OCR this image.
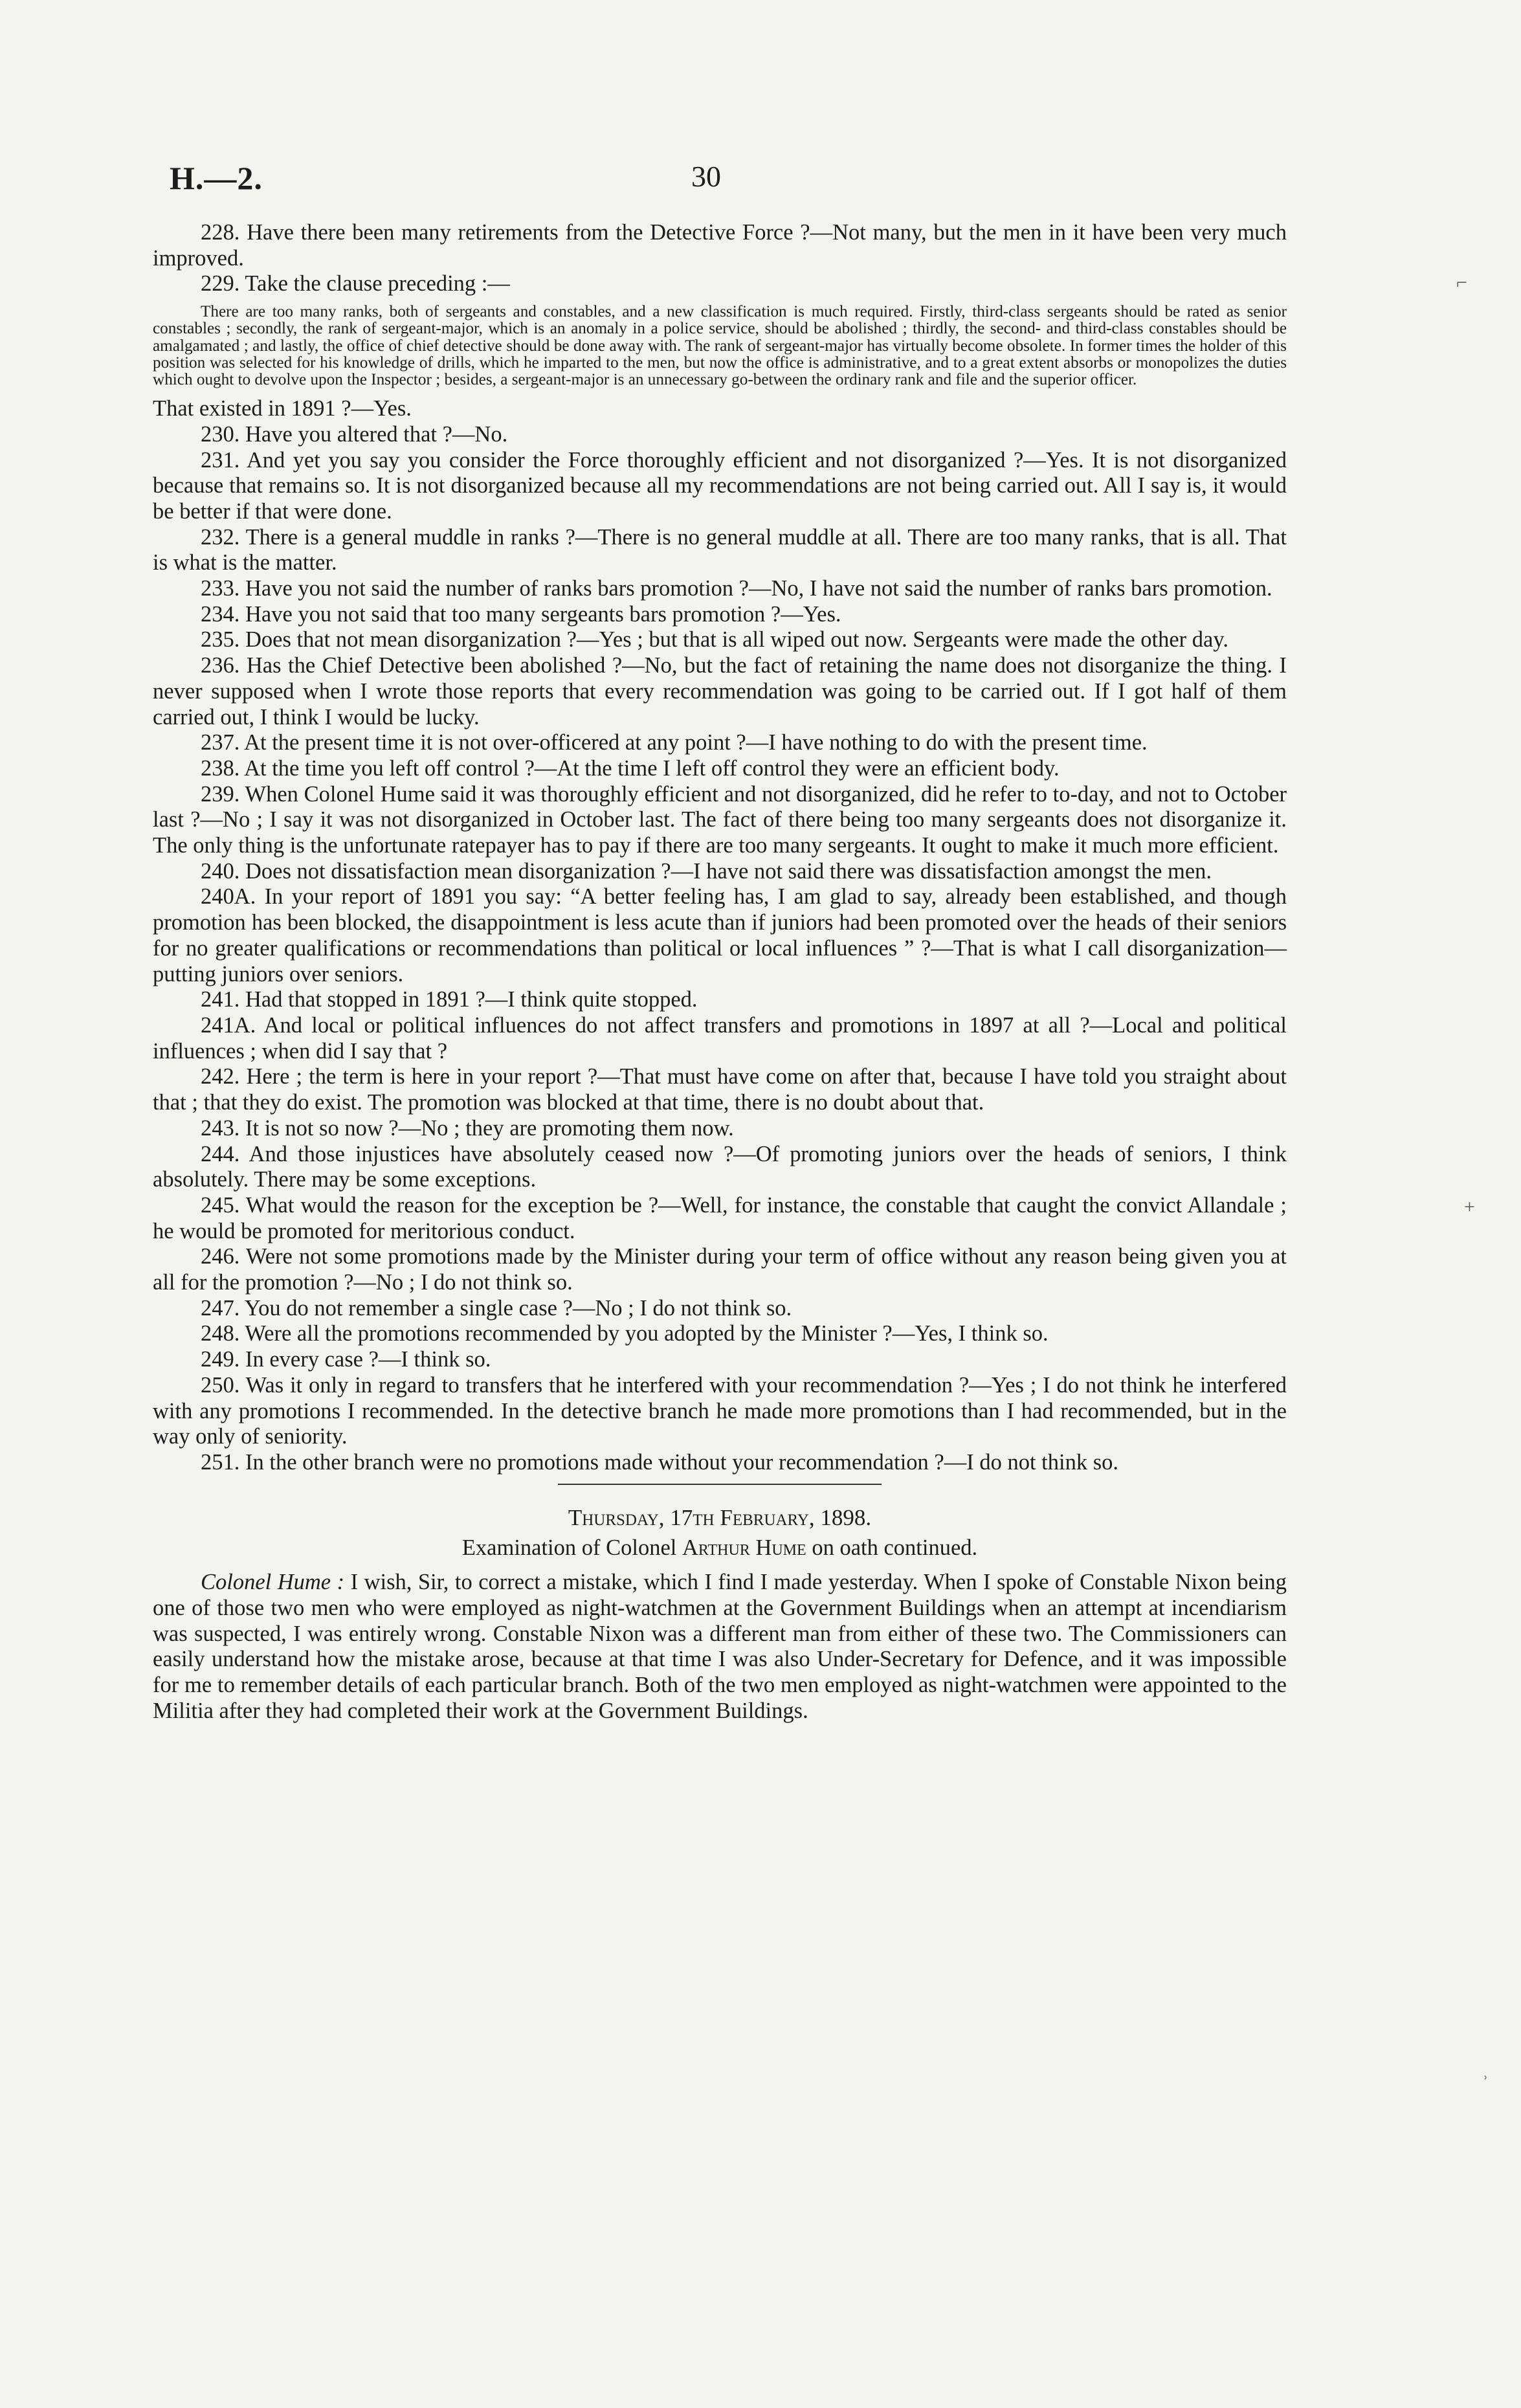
H.—2.	30

228. Have there been many retirements from the Detective Force ?—Not many, but the men in it have been very much improved.

229. Take the clause preceding :—

There are too many ranks, both of sergeants and constables, and a new classification is much required. Firstly, third-class sergeants should be rated as senior constables ; secondly, the rank of sergeant-major, which is an anomaly in a police service, should be abolished ; thirdly, the second- and third-class constables should be amalgamated ; and lastly, the office of chief detective should be done away with. The rank of sergeant-major has virtually become obsolete. In former times the holder of this position was selected for his knowledge of drills, which he imparted to the men, but now the office is administrative, and to a great extent absorbs or monopolizes the duties which ought to devolve upon the Inspector ; besides, a sergeant-major is an unnecessary go-between the ordinary rank and file and the superior officer.

That existed in 1891 ?—Yes.

230. Have you altered that ?—No.

231. And yet you say you consider the Force thoroughly efficient and not disorganized ?—Yes. It is not disorganized because that remains so. It is not disorganized because all my recommendations are not being carried out. All I say is, it would be better if that were done.

232. There is a general muddle in ranks ?—There is no general muddle at all. There are too many ranks, that is all. That is what is the matter.

233. Have you not said the number of ranks bars promotion ?—No, I have not said the number of ranks bars promotion.

234. Have you not said that too many sergeants bars promotion ?—Yes.

235. Does that not mean disorganization ?—Yes ; but that is all wiped out now. Sergeants were made the other day.

236. Has the Chief Detective been abolished ?—No, but the fact of retaining the name does not disorganize the thing. I never supposed when I wrote those reports that every recommendation was going to be carried out. If I got half of them carried out, I think I would be lucky.

237. At the present time it is not over-officered at any point ?—I have nothing to do with the present time.

238. At the time you left off control ?—At the time I left off control they were an efficient body.

239. When Colonel Hume said it was thoroughly efficient and not disorganized, did he refer to to-day, and not to October last ?—No ; I say it was not disorganized in October last. The fact of there being too many sergeants does not disorganize it. The only thing is the unfortunate ratepayer has to pay if there are too many sergeants. It ought to make it much more efficient.

240. Does not dissatisfaction mean disorganization ?—I have not said there was dissatisfaction amongst the men.

240A. In your report of 1891 you say: “A better feeling has, I am glad to say, already been established, and though promotion has been blocked, the disappointment is less acute than if juniors had been promoted over the heads of their seniors for no greater qualifications or recommendations than political or local influences ” ?—That is what I call disorganization—putting juniors over seniors.

241. Had that stopped in 1891 ?—I think quite stopped.

241A. And local or political influences do not affect transfers and promotions in 1897 at all ?—Local and political influences ; when did I say that ?

242. Here ; the term is here in your report ?—That must have come on after that, because I have told you straight about that ; that they do exist. The promotion was blocked at that time, there is no doubt about that.

243. It is not so now ?—No ; they are promoting them now.

244. And those injustices have absolutely ceased now ?—Of promoting juniors over the heads of seniors, I think absolutely. There may be some exceptions.

245. What would the reason for the exception be ?—Well, for instance, the constable that caught the convict Allandale ; he would be promoted for meritorious conduct.

246. Were not some promotions made by the Minister during your term of office without any reason being given you at all for the promotion ?—No ; I do not think so.

247. You do not remember a single case ?—No ; I do not think so.

248. Were all the promotions recommended by you adopted by the Minister ?—Yes, I think so.

249. In every case ?—I think so.

250. Was it only in regard to transfers that he interfered with your recommendation ?—Yes ; I do not think he interfered with any promotions I recommended. In the detective branch he made more promotions than I had recommended, but in the way only of seniority.

251. In the other branch were no promotions made without your recommendation ?—I do not think so.

Thursday, 17th February, 1898.

Examination of Colonel Arthur Hume on oath continued.

Colonel Hume : I wish, Sir, to correct a mistake, which I find I made yesterday. When I spoke of Constable Nixon being one of those two men who were employed as night-watchmen at the Government Buildings when an attempt at incendiarism was suspected, I was entirely wrong. Constable Nixon was a different man from either of these two. The Commissioners can easily understand how the mistake arose, because at that time I was also Under-Secretary for Defence, and it was impossible for me to remember details of each particular branch. Both of the two men employed as night-watchmen were appointed to the Militia after they had completed their work at the Government Buildings.

⌐
+
˒
